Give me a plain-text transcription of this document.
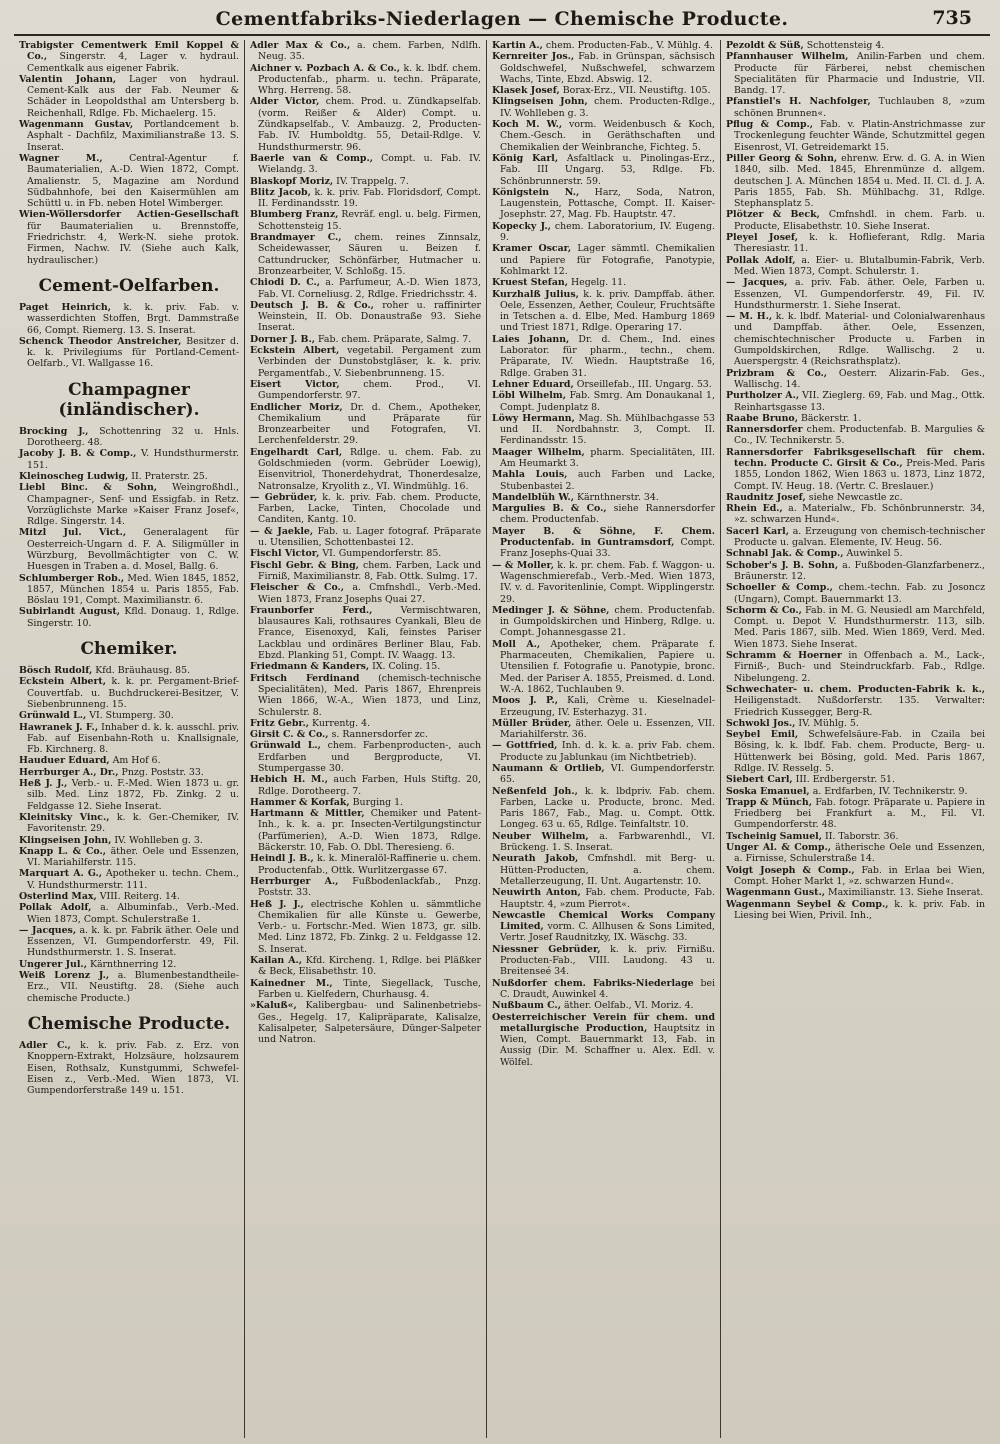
Cementfabriks-Niederlagen — Chemische Producte.	735

Trabigster Cementwerk Emil Koppel & Co., Singerstr. 4, Lager v. hydraul. Cementkalk aus eigener Fabrik.

Valentin Johann, Lager von hydraul. Cement-Kalk aus der Fab. Neumer & Schäder in Leopoldsthal am Untersberg b. Reichenhall, Rdlge. Fb. Michaelerg. 15.

Wagenmann Gustav, Portlandcement b. Asphalt - Dachfilz, Maximilianstraße 13. S. Inserat.

Wagner M.,	Central-Agentur f. Baumaterialien, A.-D. Wien 1872, Compt. Amalienstr. 5, Magazine am Nordund Südbahnhofe, bei den Kaisermühlen am Schüttl u. in Fb. neben Hotel Wimberger.

Wien-Wöllersdorfer Actien-Gesellschaft für Baumaterialien u. Brennstoffe, Friedrichstr. 4, Werk-N. siehe protok. Firmen, Nachw. IV. (Siehe auch Kalk, hydraulischer.)

Cement-Oelfarben.

Paget Heinrich, k. k. priv. Fab. v. wasserdichten Stoffen, Brgt. Dammstraße 66, Compt. Riemerg. 13. S. Inserat.

Schenck Theodor Anstreicher, Besitzer d. k. k. Privilegiums für Portland-Cement-Oelfarb., VI. Wallgasse 16.

Champagner (inländischer).

Brocking J., Schottenring 32 u. Hnls. Dorotheerg. 48.

Jacoby J. B. & Comp., V. Hundsthurmerstr. 151.

Kleinoscheg Ludwig, II. Praterstr. 25.

Liebl Binc. & Sohn, Weingroßhdl., Champagner-, Senf- und Essigfab. in Retz. Vorzüglichste Marke »Kaiser Franz Josef«, Rdlge. Singerstr. 14.

Mitzl Jul. Vict., Generalagent für Oesterreich-Ungarn d. F. A. Siligmüller in Würzburg, Bevollmächtigter von C. W. Huesgen in Traben a. d. Mosel, Ballg. 6.

Schlumberger Rob., Med. Wien 1845, 1852, 1857, München 1854 u. Paris 1855, Fab. Böslau 191, Compt. Maximilianstr. 6.

Subirlandt August, Kfld. Donaug. 1, Rdlge. Singerstr. 10.

Chemiker.

Bösch Rudolf, Kfd. Bräuhausg. 85.

Eckstein Albert, k. k. pr. Pergament-Brief-Couvertfab. u. Buchdruckerei-Besitzer, V. Siebenbrunneng. 15.

Grünwald L., VI. Stumperg. 30.

Hawranek J. F., Inhaber d. k. k. ausschl. priv. Fab. auf Eisenbahn-Roth u. Knallsignale, Fb. Kirchnerg. 8.

Hauduer Eduard, Am Hof 6.

Herrburger A., Dr., Pnzg. Poststr. 33.

Heß J. J., Verb.- u. F.-Med. Wien 1873 u. gr. silb. Med. Linz 1872, Fb. Zinkg. 2 u. Feldgasse 12. Siehe Inserat.

Kleinitsky Vinc., k. k. Ger.-Chemiker, IV. Favoritenstr. 29.

Klingseisen John, IV. Wohlleben g. 3.

Knapp L. & Co., äther. Oele und Essenzen, VI. Mariahilferstr. 115.

Marquart A. G., Apotheker u. techn. Chem., V. Hundsthurmerstr. 111.

Osterlind Max, VIII. Reiterg. 14.

Pollak Adolf, a. Albuminfab., Verb.-Med. Wien 1873, Compt. Schulerstraße 1.

— Jacques, a. k. k. pr. Fabrik äther. Oele und Essenzen, VI. Gumpendorferstr. 49, Fil. Hundsthurmerstr. 1. S. Inserat.

Ungerer Jul., Kärnthnerring 12.

Weiß Lorenz J., a. Blumenbestandtheile-Erz., VII. Neustiftg. 28. (Siehe auch chemische Producte.)

Chemische Producte.

Adler C., k. k. priv. Fab. z. Erz. von Knoppern-Extrakt, Holzsäure, holzsaurem Eisen, Rothsalz, Kunstgummi, Schwefel-Eisen z., Verb.-Med. Wien 1873, VI. Gumpendorferstraße 149 u. 151.

Adler Max & Co., a. chem. Farben, Ndlfh. Neug. 35.

Aichner v. Pozbach A. & Co., k. k. lbdf. chem. Productenfab., pharm. u. techn. Präparate, Whrg. Herreng. 58.

Alder Victor, chem. Prod. u. Zündkapselfab. (vorm. Reißer & Alder) Compt. u. Zündkapselfab., V. Ambauzg. 2, Producten-Fab. IV. Humboldtg. 55, Detail-Rdlge. V. Hundsthurmerstr. 96.

Baerle van & Comp., Compt. u. Fab. IV. Wielandg. 3.

Blaskopf Moriz, IV. Trappelg. 7.

Blitz Jacob, k. k. priv. Fab. Floridsdorf, Compt. II. Ferdinandsstr. 19.

Blumberg Franz, Revräf. engl. u. belg. Firmen, Schottensteig 15.

Brandmayer C., chem. reines Zinnsalz, Scheidewasser, Säuren u. Beizen f. Cattundrucker, Schönfärber, Hutmacher u. Bronzearbeiter, V. Schloßg. 15.

Chiodi D. C., a. Parfumeur, A.-D. Wien 1873, Fab. VI. Corneliusg. 2, Rdlge. Friedrichsstr. 4.

Deutsch J. B. & Co., roher u. raffinirter Weinstein, II. Ob. Donaustraße 93. Siehe Inserat.

Dorner J. B., Fab. chem. Präparate, Salmg. 7.

Eckstein Albert, vegetabil. Pergament zum Verbinden der Dunstobstgläser, k. k. priv. Pergamentfab., V. Siebenbrunneng. 15.

Eisert Victor,	chem. Prod., VI. Gumpendorferstr. 97.

Endlicher Moriz, Dr. d. Chem., Apotheker, Chemikalium und Präparate für Bronzearbeiter und Fotografen, VI. Lerchenfelderstr. 29.

Engelhardt Carl, Rdlge. u. chem. Fab. zu Goldschmieden (vorm. Gebrüder Loewig), Eisenvitriol, Thonerdehydrat, Thonerdesalze, Natronsalze, Kryolith z., VI. Windmühlg. 16.

— Gebrüder, k. k. priv. Fab. chem. Producte, Farben, Lacke, Tinten, Chocolade und Canditen, Kantg. 10.

— & Jaekle, Fab. u. Lager fotograf. Präparate u. Utensilien, Schottenbastei 12.

Fischl Victor, VI. Gumpendorferstr. 85.

Fischl Gebr. & Bing, chem. Farben, Lack und Firniß, Maximilianstr. 8, Fab. Ottk. Sulmg. 17.

Fleischer & Co., a. Cmfnshdl., Verb.-Med. Wien 1873, Franz Josephs Quai 27.

Fraunborfer Ferd.,	Vermischtwaren, blausaures Kali, rothsaures Cyankali, Bleu de France, Eisenoxyd, Kali, feinstes Pariser Lackblau und ordinäres Berliner Blau, Fab. Ebzd. Planking 51, Compt. IV. Waagg. 13.

Friedmann & Kanders, IX. Coling. 15.

Fritsch Ferdinand (chemisch-technische Specialitäten), Med. Paris 1867, Ehrenpreis Wien 1866, W.-A., Wien 1873, und Linz, Schulerstr. 8.

Fritz Gebr., Kurrentg. 4.

Girsit C. & Co., s. Rannersdorfer zc.

Grünwald L., chem. Farbenproducten-, auch Erdfarben und Bergproducte, VI. Stumpergasse 30.

Hebich H. M., auch Farben, Huls Stiftg. 20, Rdlge. Dorotheerg. 7.

Hammer & Korfak, Burging 1.

Hartmann & Mittler, Chemiker und Patent-Inh., k. k. a. pr. Insecten-Vertilgungstinctur (Parfümerien), A.-D. Wien 1873, Rdlge. Bäckerstr. 10, Fab. O. Dbl. Theresieng. 6.

Heindl J. B., k. k. Mineralöl-Raffinerie u. chem. Productenfab., Ottk. Wurlitzergasse 67.

Herrburger A., Fußbodenlackfab., Pnzg. Poststr. 33.

Heß J. J., electrische Kohlen u. sämmtliche Chemikalien für alle Künste u. Gewerbe, Verb.- u. Fortschr.-Med. Wien 1873, gr. silb. Med. Linz 1872, Fb. Zinkg. 2 u. Feldgasse 12. S. Inserat.

Kailan A., Kfd. Kircheng. 1, Rdlge. bei Pläßker & Beck, Elisabethstr. 10.

Kainedner M., Tinte, Siegellack, Tusche, Farben u. Kielfedern, Churhausg. 4.

»Kaluß«, Kalibergbau- und Salinenbetriebs-Ges., Hegelg. 17, Kalipräparate, Kalisalze, Kalisalpeter, Salpetersäure, Dünger-Salpeter und Natron.

Kartin A., chem. Producten-Fab., V. Mühlg. 4.

Kernreiter Jos., Fab. in Grünspan, sächsisch Goldschwefel, Nußschwefel, schwarzem Wachs, Tinte, Ebzd. Abswig. 12.

Klasek Josef, Borax-Erz., VII. Neustiftg. 105.

Klingseisen John, chem. Producten-Rdlge., IV. Wohlleben g. 3.

Koch M. W., vorm. Weidenbusch & Koch, Chem.-Gesch. in Geräthschaften und Chemikalien der Weinbranche, Fichteg. 5.

König Karl, Asfaltlack u. Pinolingas-Erz., Fab. III Ungarg. 53, Rdlge. Fb. Schönbrunnerstr. 59.

Königstein N., Harz, Soda, Natron, Laugenstein, Pottasche, Compt. II. Kaiser-Josephstr. 27, Mag. Fb. Hauptstr. 47.

Kopecky J., chem. Laboratorium, IV. Eugeng. 9.

Kramer Oscar, Lager sämmtl. Chemikalien und Papiere für Fotografie, Panotypie, Kohlmarkt 12.

Kruest Stefan, Hegelg. 11.

Kurzhalß Julius, k. k. priv. Dampffab. äther. Oele, Essenzen, Aether, Couleur, Fruchtsäfte in Tetschen a. d. Elbe, Med. Hamburg 1869 und Triest 1871, Rdlge. Operaring 17.

Laies Johann, Dr. d. Chem., Ind. eines Laborator. für pharm., techn., chem. Präparate, IV. Wiedn. Hauptstraße 16, Rdlge. Graben 31.

Lehner Eduard, Orseillefab., III. Ungarg. 53.

Löbl Wilhelm, Fab. Smrg. Am Donaukanal 1, Compt. Judenplatz 8.

Löwy Hermann, Mag. Sh. Mühlbachgasse 53 und II. Nordbahnstr. 3, Compt. II. Ferdinandsstr. 15.

Maager Wilhelm, pharm. Specialitäten, III. Am Heumarkt 3.

Mahla Louis, auch Farben und Lacke, Stubenbastei 2.

Mandelblüh W., Kärnthnerstr. 34.

Margulies B. & Co., siehe Rannersdorfer chem. Productenfab.

Mayer B. & Söhne, F. Chem. Productenfab. in Guntramsdorf, Compt. Franz Josephs-Quai 33.

— & Moller, k. k. pr. chem. Fab. f. Waggon- u. Wagenschmierefab., Verb.-Med. Wien 1873, IV. v. d. Favoritenlinie, Compt. Wipplingerstr. 29.

Medinger J. & Söhne, chem. Productenfab. in Gumpoldskirchen und Hinberg, Rdlge. u. Compt. Johannesgasse 21.

Moll A., Apotheker, chem. Präparate f. Pharmaceuten, Chemikalien, Papiere u. Utensilien f. Fotografie u. Panotypie, bronc. Med. der Pariser A. 1855, Preismed. d. Lond. W.-A. 1862, Tuchlauben 9.

Moos J. P., Kali, Crème u. Kieselnadel-Erzeugung, IV. Esterhazyg. 31.

Müller Brüder, äther. Oele u. Essenzen, VII. Mariahilferstr. 36.

— Gottfried, Inh. d. k. k. a. priv Fab. chem. Producte zu Jablunkau (im Nichtbetrieb).

Naumann & Ortlieb, VI. Gumpendorferstr. 65.

Neßenfeld Joh., k. k. lbdpriv. Fab. chem. Farben, Lacke u. Producte, bronc. Med. Paris 1867, Fab., Mag. u. Compt. Ottk. Longeg. 63 u. 65, Rdlge. Teinfaltstr. 10.

Neuber Wilhelm, a. Farbwarenhdl., VI. Brückeng. 1. S. Inserat.

Neurath Jakob, Cmfnshdl. mit Berg- u. Hütten-Producten, a. chem. Metallerzeugung, II. Unt. Augartenstr. 10.

Neuwirth Anton, Fab. chem. Producte, Fab. Hauptstr. 4, »zum Pierrot«.

Newcastle Chemical Works Company Limited, vorm. C. Allhusen & Sons Limited, Vertr. Josef Raudnitzky, IX. Wäschg. 33.

Niessner Gebrüder, k. k. priv. Firnißu. Producten-Fab., VIII. Laudong. 43 u. Breitenseé 34.

Nußdorfer chem. Fabriks-Niederlage bei C. Draudt, Auwinkel 4.

Nußbaum C., äther. Oelfab., VI. Moriz. 4.

Oesterreichischer Verein für chem. und metallurgische Production, Hauptsitz in Wien, Compt. Bauernmarkt 13, Fab. in Aussig (Dir. M. Schaffner u. Alex. Edl. v. Wölfel.

Pezoldt & Süß, Schottensteig 4.

Pfannhauser Wilhelm, Anilin-Farben und chem. Producte für Färberei, nebst chemischen Specialitäten für Pharmacie und Industrie, VII. Bandg. 17.

Pfanstiel's H. Nachfolger, Tuchlauben 8, »zum schönen Brunnen«.

Pflug & Comp., Fab. v. Platin-Anstrichmasse zur Trockenlegung feuchter Wände, Schutzmittel gegen Eisenrost, VI. Getreidemarkt 15.

Piller Georg & Sohn, ehrenw. Erw. d. G. A. in Wien 1840, silb. Med. 1845, Ehrenmünze d. allgem. deutschen J. A. München 1854 u. Med. II. Cl. d. J. A. Paris 1855, Fab. Sh. Mühlbachg. 31, Rdlge. Stephansplatz 5.

Plötzer & Beck, Cmfnshdl. in chem. Farb. u. Producte, Elisabethstr. 10. Siehe Inserat.

Pleyel Josef, k. k. Hoflieferant, Rdlg. Maria Theresiastr. 11.

Pollak Adolf, a. Eier- u. Blutalbumin-Fabrik, Verb. Med. Wien 1873, Compt. Schulerstr. 1.

— Jacques, a. priv. Fab. äther. Oele, Farben u. Essenzen, VI. Gumpendorferstr. 49, Fil. IV. Hundsthurmerstr. 1. Siehe Inserat.

— M. H., k. k. lbdf. Material- und Colonialwarenhaus und Dampffab. äther. Oele, Essenzen, chemischtechnischer Producte u. Farben in Gumpoldskirchen, Rdlge. Wallischg. 2 u. Auerspergstr. 4 (Reichsrathsplatz).

Prizbram & Co., Oesterr. Alizarin-Fab. Ges., Wallischg. 14.

Purtholzer A., VII. Zieglerg. 69, Fab. und Mag., Ottk. Reinhartsgasse 13.

Raabe Bruno, Bäckerstr. 1.

Rannersdorfer chem. Productenfab. B. Margulies & Co., IV. Technikerstr. 5.

Rannersdorfer Fabriksgesellschaft für chem. techn. Producte C. Girsit & Co., Preis-Med. Paris 1855, London 1862, Wien 1863 u. 1873, Linz 1872, Compt. IV. Heug. 18. (Vertr. C. Breslauer.)

Raudnitz Josef, siehe Newcastle zc.

Rhein Ed., a. Materialw., Fb. Schönbrunnerstr. 34, »z. schwarzen Hund«.

Sacerl Karl, a. Erzeugung von chemisch-technischer Producte u. galvan. Elemente, IV. Heug. 56.

Schnabl Jak. & Comp., Auwinkel 5.

Schober's J. B. Sohn, a. Fußboden-Glanzfarbenerz., Bräunerstr. 12.

Schoeller & Comp., chem.-techn. Fab. zu Josoncz (Ungarn), Compt. Bauernmarkt 13.

Schorm & Co., Fab. in M. G. Neusiedl am Marchfeld, Compt. u. Depot V. Hundsthurmerstr. 113, silb. Med. Paris 1867, silb. Med. Wien 1869, Verd. Med. Wien 1873. Siehe Inserat.

Schramm & Hoerner in Offenbach a. M., Lack-, Firniß-, Buch- und Steindruckfarb. Fab., Rdlge. Nibelungeng. 2.

Schwechater- u. chem. Producten-Fabrik k. k., Heiligenstadt. Nußdorferstr. 135. Verwalter: Friedrich Kussegger, Berg-R.

Schwokl Jos., IV. Mühlg. 5.

Seybel Emil, Schwefelsäure-Fab. in Czaila bei Bösing, k. k. lbdf. Fab. chem. Producte, Berg- u. Hüttenwerk bei Bösing, gold. Med. Paris 1867, Rdlge. IV. Resselg. 5.

Siebert Carl, III. Erdbergerstr. 51.

Soska Emanuel, a. Erdfarben, IV. Technikerstr. 9.

Trapp & Münch, Fab. fotogr. Präparate u. Papiere in Friedberg bei Frankfurt a. M., Fil. VI. Gumpendorferstr. 48.

Tscheinig Samuel, II. Taborstr. 36.

Unger Al. & Comp., ätherische Oele und Essenzen, a. Firnisse, Schulerstraße 14.

Voigt Joseph & Comp., Fab. in Erlaa bei Wien, Compt. Hoher Markt 1, »z. schwarzen Hund«.

Wagenmann Gust., Maximilianstr. 13. Siehe Inserat.

Wagenmann Seybel & Comp., k. k. priv. Fab. in Liesing bei Wien, Privil. Inh.,
